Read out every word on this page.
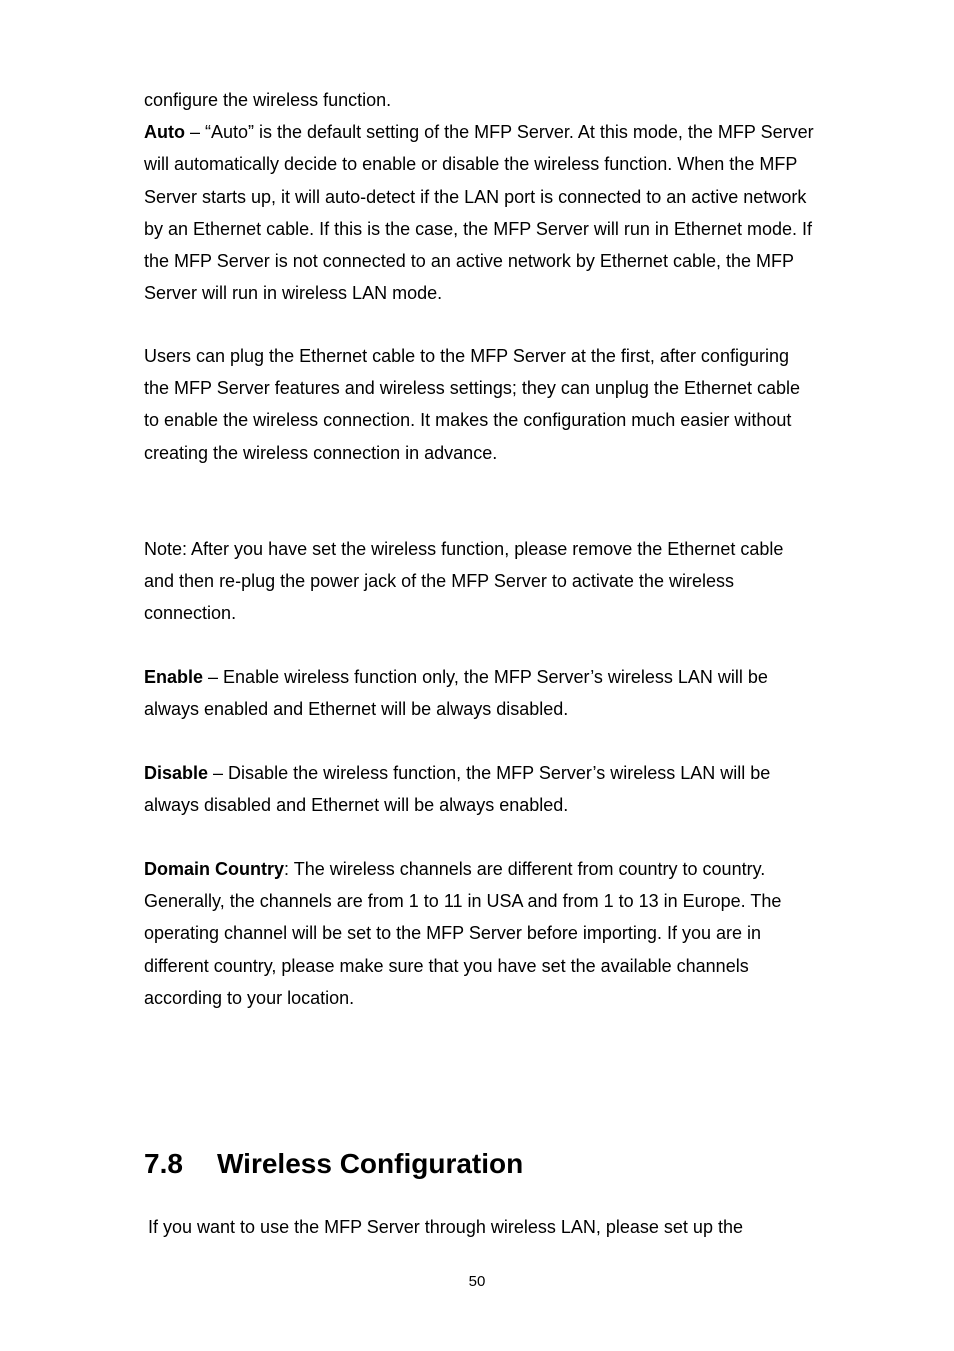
configure the wireless function.
Auto – “Auto” is the default setting of the MFP Server. At this mode, the MFP Server will automatically decide to enable or disable the wireless function. When the MFP Server starts up, it will auto-detect if the LAN port is connected to an active network by an Ethernet cable. If this is the case, the MFP Server will run in Ethernet mode. If the MFP Server is not connected to an active network by Ethernet cable, the MFP Server will run in wireless LAN mode.

Users can plug the Ethernet cable to the MFP Server at the first, after configuring the MFP Server features and wireless settings; they can unplug the Ethernet cable to enable the wireless connection. It makes the configuration much easier without creating the wireless connection in advance.

Note: After you have set the wireless function, please remove the Ethernet cable and then re-plug the power jack of the MFP Server to activate the wireless connection.

Enable – Enable wireless function only, the MFP Server’s wireless LAN will be always enabled and Ethernet will be always disabled.

Disable – Disable the wireless function, the MFP Server’s wireless LAN will be always disabled and Ethernet will be always enabled.

Domain Country: The wireless channels are different from country to country. Generally, the channels are from 1 to 11 in USA and from 1 to 13 in Europe. The operating channel will be set to the MFP Server before importing. If you are in different country, please make sure that you have set the available channels according to your location.

7.8 Wireless Configuration

If you want to use the MFP Server through wireless LAN, please set up the

50
